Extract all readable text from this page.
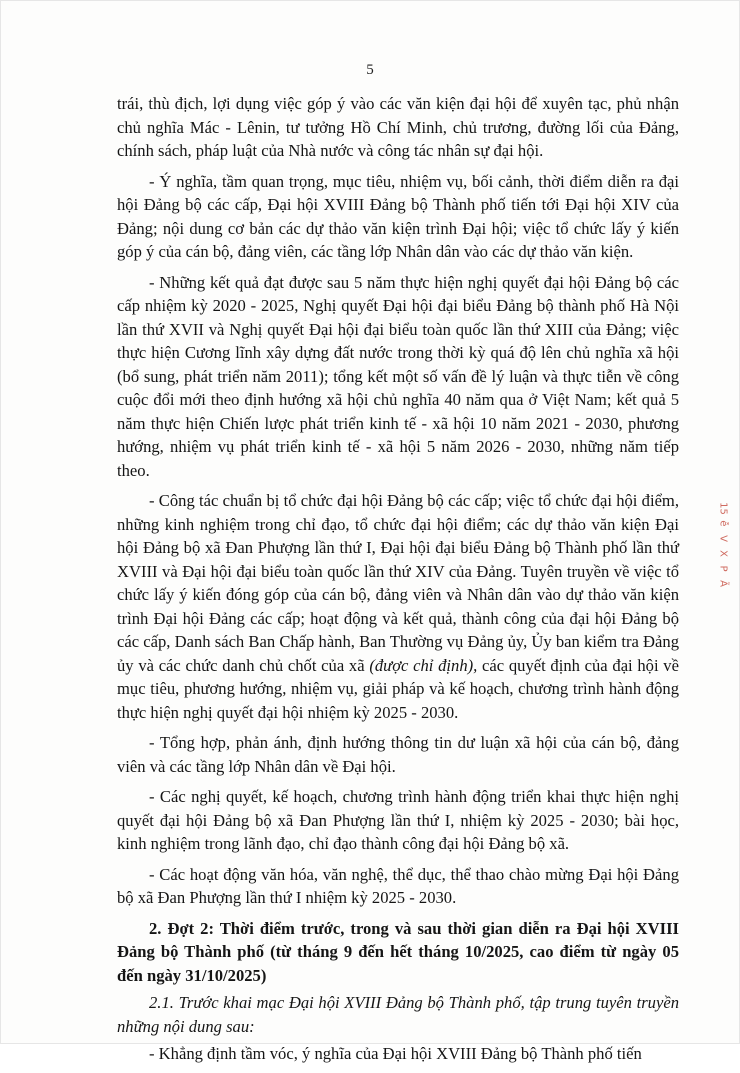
5

trái, thù địch, lợi dụng việc góp ý vào các văn kiện đại hội để xuyên tạc, phủ nhận chủ nghĩa Mác - Lênin, tư tưởng Hồ Chí Minh, chủ trương, đường lối của Đảng, chính sách, pháp luật của Nhà nước và công tác nhân sự đại hội.

- Ý nghĩa, tầm quan trọng, mục tiêu, nhiệm vụ, bối cảnh, thời điểm diễn ra đại hội Đảng bộ các cấp, Đại hội XVIII Đảng bộ Thành phố tiến tới Đại hội XIV của Đảng; nội dung cơ bản các dự thảo văn kiện trình Đại hội; việc tổ chức lấy ý kiến góp ý của cán bộ, đảng viên, các tầng lớp Nhân dân vào các dự thảo văn kiện.

- Những kết quả đạt được sau 5 năm thực hiện nghị quyết đại hội Đảng bộ các cấp nhiệm kỳ 2020 - 2025, Nghị quyết Đại hội đại biểu Đảng bộ thành phố Hà Nội lần thứ XVII và Nghị quyết Đại hội đại biểu toàn quốc lần thứ XIII của Đảng; việc thực hiện Cương lĩnh xây dựng đất nước trong thời kỳ quá độ lên chủ nghĩa xã hội (bổ sung, phát triển năm 2011); tổng kết một số vấn đề lý luận và thực tiễn về công cuộc đổi mới theo định hướng xã hội chủ nghĩa 40 năm qua ở Việt Nam; kết quả 5 năm thực hiện Chiến lược phát triển kinh tế - xã hội 10 năm 2021 - 2030, phương hướng, nhiệm vụ phát triển kinh tế - xã hội 5 năm 2026 - 2030, những năm tiếp theo.

- Công tác chuẩn bị tổ chức đại hội Đảng bộ các cấp; việc tổ chức đại hội điểm, những kinh nghiệm trong chỉ đạo, tổ chức đại hội điểm; các dự thảo văn kiện Đại hội Đảng bộ xã Đan Phượng lần thứ I, Đại hội đại biểu Đảng bộ Thành phố lần thứ XVIII và Đại hội đại biểu toàn quốc lần thứ XIV của Đảng. Tuyên truyền về việc tổ chức lấy ý kiến đóng góp của cán bộ, đảng viên và Nhân dân vào dự thảo văn kiện trình Đại hội Đảng các cấp; hoạt động và kết quả, thành công của đại hội Đảng bộ các cấp, Danh sách Ban Chấp hành, Ban Thường vụ Đảng ủy, Ủy ban kiểm tra Đảng ủy và các chức danh chủ chốt của xã (được chỉ định), các quyết định của đại hội về mục tiêu, phương hướng, nhiệm vụ, giải pháp và kế hoạch, chương trình hành động thực hiện nghị quyết đại hội nhiệm kỳ 2025 - 2030.

- Tổng hợp, phản ánh, định hướng thông tin dư luận xã hội của cán bộ, đảng viên và các tầng lớp Nhân dân về Đại hội.

- Các nghị quyết, kế hoạch, chương trình hành động triển khai thực hiện nghị quyết đại hội Đảng bộ xã Đan Phượng lần thứ I, nhiệm kỳ 2025 - 2030; bài học, kinh nghiệm trong lãnh đạo, chỉ đạo thành công đại hội Đảng bộ xã.

- Các hoạt động văn hóa, văn nghệ, thể dục, thể thao chào mừng Đại hội Đảng bộ xã Đan Phượng lần thứ I nhiệm kỳ 2025 - 2030.

2. Đợt 2: Thời điểm trước, trong và sau thời gian diễn ra Đại hội XVIII Đảng bộ Thành phố (từ tháng 9 đến hết tháng 10/2025, cao điểm từ ngày 05 đến ngày 31/10/2025)

2.1. Trước khai mạc Đại hội XVIII Đảng bộ Thành phố, tập trung tuyên truyền những nội dung sau:

- Khẳng định tầm vóc, ý nghĩa của Đại hội XVIII Đảng bộ Thành phố tiến

15
ễ
V
X
P
Ã
